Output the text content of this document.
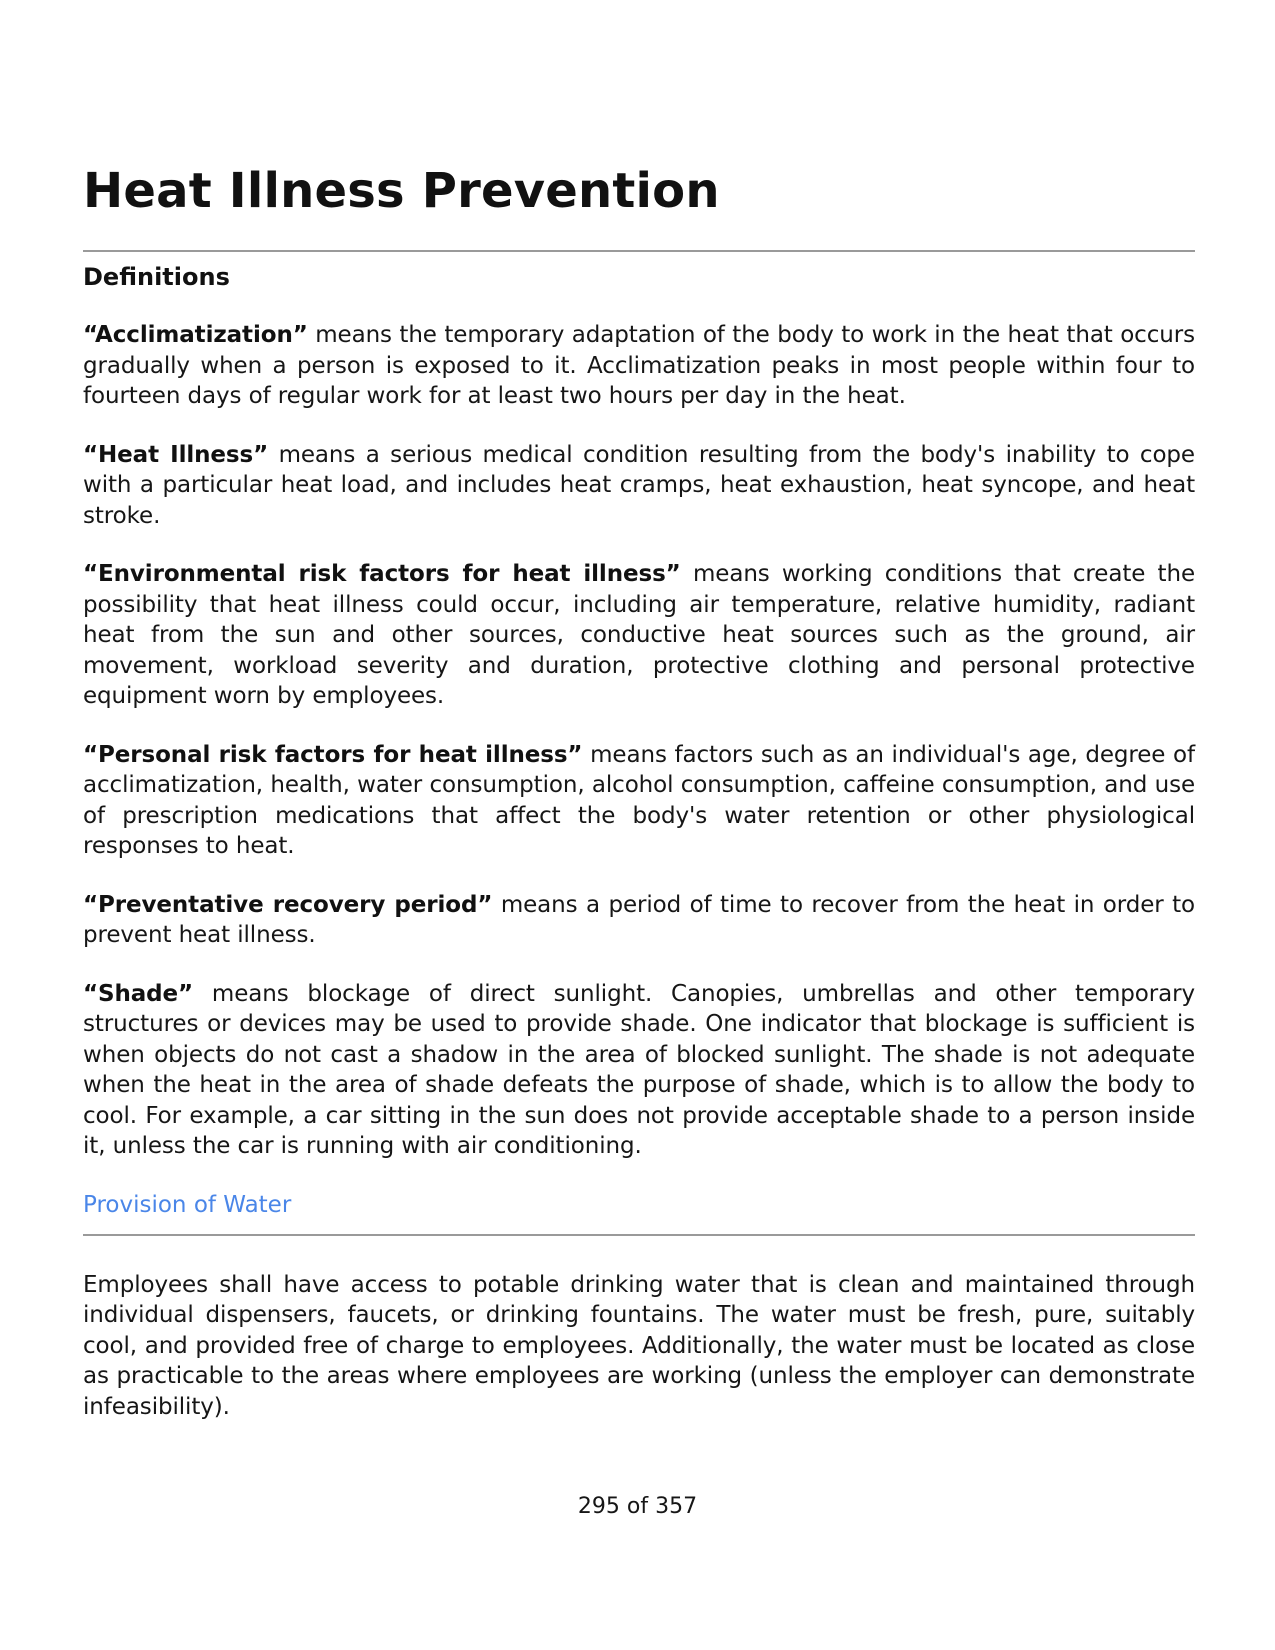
Heat Illness Prevention
Definitions

“Acclimatization” means the temporary adaptation of the body to work in the heat that occurs gradually when a person is exposed to it. Acclimatization peaks in most people within four to fourteen days of regular work for at least two hours per day in the heat.

“Heat Illness” means a serious medical condition resulting from the body's inability to cope with a particular heat load, and includes heat cramps, heat exhaustion, heat syncope, and heat stroke.

“Environmental risk factors for heat illness” means working conditions that create the possibility that heat illness could occur, including air temperature, relative humidity, radiant heat from the sun and other sources, conductive heat sources such as the ground, air movement, workload severity and duration, protective clothing and personal protective equipment worn by employees.

“Personal risk factors for heat illness” means factors such as an individual's age, degree of acclimatization, health, water consumption, alcohol consumption, caffeine consumption, and use of prescription medications that affect the body's water retention or other physiological responses to heat.

“Preventative recovery period” means a period of time to recover from the heat in order to prevent heat illness.

“Shade” means blockage of direct sunlight. Canopies, umbrellas and other temporary structures or devices may be used to provide shade. One indicator that blockage is sufficient is when objects do not cast a shadow in the area of blocked sunlight. The shade is not adequate when the heat in the area of shade defeats the purpose of shade, which is to allow the body to cool. For example, a car sitting in the sun does not provide acceptable shade to a person inside it, unless the car is running with air conditioning.

Provision of Water

Employees shall have access to potable drinking water that is clean and maintained through individual dispensers, faucets, or drinking fountains. The water must be fresh, pure, suitably cool, and provided free of charge to employees. Additionally, the water must be located as close as practicable to the areas where employees are working (unless the employer can demonstrate infeasibility).

295 of 357
